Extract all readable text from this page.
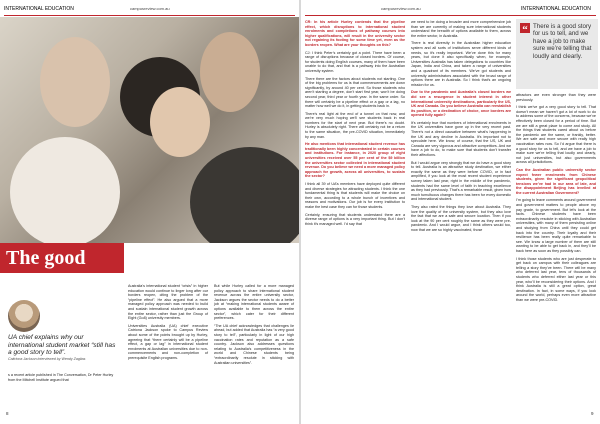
INTERNATIONAL EDUCATION	campusreview.com.au
The good news
UA chief explains why our international student market “still has a good story to tell”.
Caitriona Jackson interviewed by Wendy Zagitas
s a recent article published in The Conversation, Dr Peter Hurley from the Mitchell Institute argued that

Australia’s international student “crisis” in higher education would continue to linger long after our borders reopen, citing the problem of the “pipeline effect”. He also argued that a more managed policy approach was needed to build and sustain international student growth across the entire sector, rather than just the Group of Eight (Go8) university members.

Universities Australia (UA) chief executive Catriona Jackson spoke to Campus Review about some of the points brought up by Hurley, agreeing that “there certainly will be a pipeline effect, a gap or lag” in international student enrolments at Australian universities due to non-commencements and non-completion of prerequisite English programs.

But while Hurley called for a more managed policy approach to share international student revenue across the entire university sector, Jackson argues the sector needs to do a better job at “making international students aware of options available to them across the entire sector”, which cater for their different preferences.

“The UA chief acknowledges that challenges lie ahead, but added that Australia has “a very good story to tell”, particularly in light of our high vaccination rates and reputation as a safe country. Jackson also addresses questions relating to Australia’s competitiveness in the world and Chinese students being “extraordinarily resolute in sticking with Australian universities”.

8
campusreview.com.au	INTERNATIONAL EDUCATION

CR: In his article Hurley contends that the pipeline effect, which disruptions to international student enrolments and completions of pathway courses into higher qualifications, will result in the university sector not regaining its footing for some time yet, even as the borders reopen. What are your thoughts on this?

CJ: I think Peter’s certainly got a point. There have been a range of disruptions because of closed borders. Of course, for students doing English courses, many of them have been unable to do that, and that is a pathway into the Australian university system.

There there are the factors about students not starting. One of the big problems for us is that commencements are down significantly, by around 40 per cent. So those students who aren’t starting a degree, don’t start first year, won’t be doing second year, third year or fourth year. In the same order. So there will certainly be a pipeline effect or a gap or a lag, no matter how well we do it, in getting students back in.

There’s real light at the end of a tunnel on that now, and we’re very much hoping we’ll see students back in real numbers for the start of next year. But there’s no doubt. Hurley is absolutely right. There will certainly not be a return to the same situation, the pre-COVID situation, immediately by any man.

He also mentions that international student revenue has traditionally been highly concentrated in certain courses and institutions. For instance, in 2020 group of eight universities received over 55 per cent of the $9 billion the universities sector collected in international student revenue. Do you believe we need a more managed policy approach for growth, across all universities, to sustain the sector?

I think all 39 of UA’s members have deployed quite different and diverse strategies for attracting students. I think the one fundamental thing is that students will make the choice on their own, according to a whole bunch of incentives and reasons and motivations. Our job is for every institution to make the best case they can for those students.

Certainly, ensuring that students understand there are a diverse range of options is a very important thing. But I don’t think it’s managed well. I’d say that

we need to be doing a broader and more comprehensive job than we are currently of making sure international students understand the breadth of options available to them, across the entire sector, in Australia.

There is real diversity in the Australian higher education system and all sorts of institutions serve different kinds of needs, so it’s really important. We’ve done this for many years, but done it also specifically when, for example, Universities Australia has taken delegations to countries like Japan, India and China, and taken a range of universities and a quadrant of its members. We’ve got students and university administrators associated with the broad range of options there are in Australia. So I think that’s an ongoing mission for us.

Due to the pandemic and Australia’s closed borders we did see a resurgence in student interest in other international university destinations, particularly the US, UK and Canada. Do you believe Australia can reestablish its position, or a destination of choice, once borders are opened fully again?

It’s certainly true that numbers of international enrolments in the UK universities have gone up in the very recent past. There’s not a direct causative between what’s happening in the UK and any decline in Australia. It’s important not to speculate here. We know, of course, that the US, UK and Canada are very vigorous and attractive competitors. And we have a job to do, to make sure that students don’t transfer their affections.

But I would argue very strongly that we do have a good story to tell. Australia is an attractive study destination, we either exactly the same as they were before COVID, or in fact amplified, if you look at the most recent student experience survey taken last year, right in the middle of the pandemic, students had the same level of faith in teaching excellence as they had previously. That’s a remarkable result, given how much tumultuous changes there has been for every domestic and international student.

They also rated the things they love about Australia. They love the quality of the university system, but they also love the fact that we are a safe and secure location. Then if you look at the 90 per cent roughly the same as they were pre-pandemic. And I would argue, and I think others would too, now that we are so highly vaccinated, those

attractors are even stronger than they were previously.

I think we’ve got a very good story to tell. That doesn’t mean we haven’t got a lot of work to do to address some of the concerns, because we’ve effectively been closed for a period of time. But we are still a great place to come and study. All the things that students cared about us before the pandemic are the same, or frankly, better. We are safe and more secure with really high vaccination rates now. So I’d argue that there is a good story for us to tell, and we have a job to make sure we’re telling that loudly and clearly, not just universities, but also governments across all jurisdictions.

Can the Australian public university sector expect fewer enrolments from Chinese students, given the significant geopolitical tensions we’ve had in our area of late, and the disappointment Beijing has levelled at the current Australian Government?

I’m going to leave comments around government and government matters to people above my pay grade, to government. But let’s look at the facts. Chinese students have been extraordinarily resolute in sticking with Australian universities, with many of them persisting online and studying from China until they could get back into the country. Their loyalty and their resilience has been really quite remarkable to see. We know a large number of them are still wanting to be able to get back in, and they’ll be back here as soon as they possibly can.

I think those students who are just desperate to get back on campus with their colleagues are telling a story they’ve been. There will be many who deferred last year, tens of thousands of students who deferred either last year or this year, who’ll be reconsidering their options. And I think Australia is still a great option, great destination. In fact, in some ways, if you look around the world, perhaps even more attractive than we were pre-COVID.

9
“ There is a good story for us to tell, and we have a job to make sure we’re telling that loudly and clearly.
